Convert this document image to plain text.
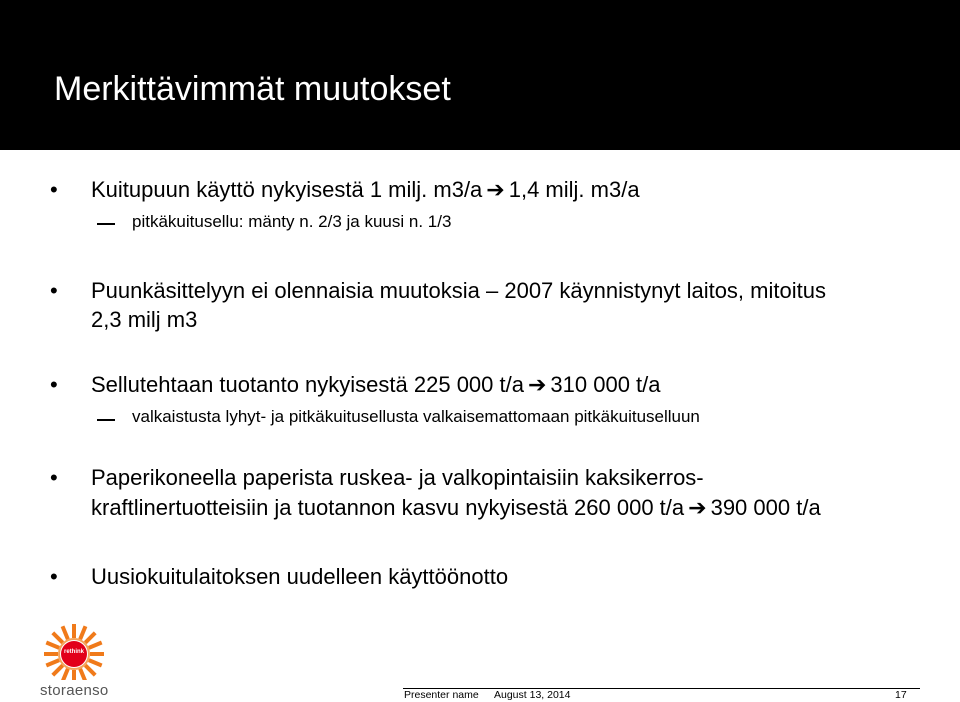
Merkittävimmät muutokset
• Kuitupuun käyttö nykyisestä 1 milj. m3/a ➔ 1,4 milj. m3/a
pitkäkuitusellu: mänty n. 2/3 ja kuusi n. 1/3
• Puunkäsittelyyn ei olennaisia muutoksia – 2007 käynnistynyt laitos, mitoitus
2,3 milj m3
• Sellutehtaan tuotanto nykyisestä 225 000 t/a ➔ 310 000 t/a
valkaistusta lyhyt- ja pitkäkuitusellusta valkaisemattomaan pitkäkuituselluun
• Paperikoneella paperista ruskea- ja valkopintaisiin kaksikerros-
kraftlinertuotteisiin ja tuotannon kasvu nykyisestä 260 000 t/a ➔ 390 000 t/a
• Uusiokuitulaitoksen uudelleen käyttöönotto
rethink
storaenso	Presenter name August 13, 2014	17
